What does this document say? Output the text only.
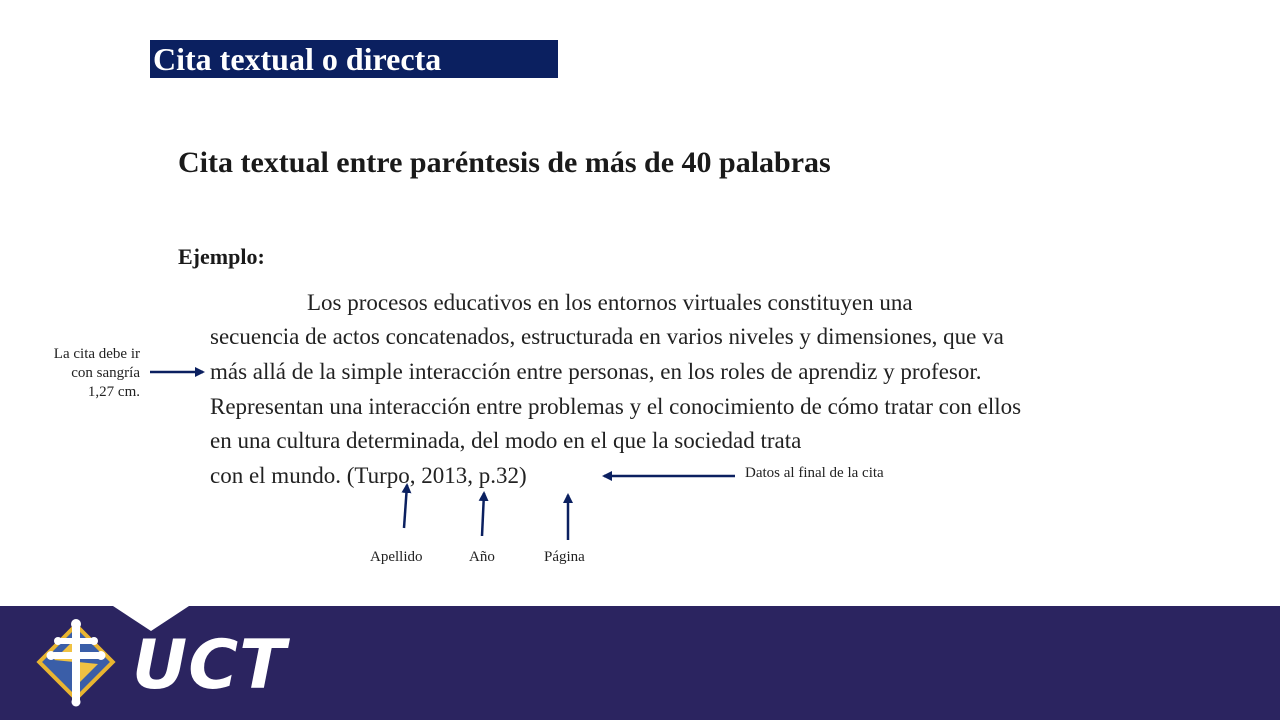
Cita textual o directa
Cita textual entre paréntesis de más de 40 palabras
Ejemplo:
Los procesos educativos en los entornos virtuales constituyen una
secuencia de actos concatenados, estructurada en varios niveles y dimensiones, que va
más allá de la simple interacción entre personas, en los roles de aprendiz y profesor.
Representan una interacción entre problemas y el conocimiento de cómo tratar con ellos
en una cultura determinada, del modo en el que la sociedad trata
con el mundo. (Turpo, 2013, p.32)
La cita debe ir
con sangría
1,27 cm.
Datos al final de la cita
Apellido	Año	Página
UCT
